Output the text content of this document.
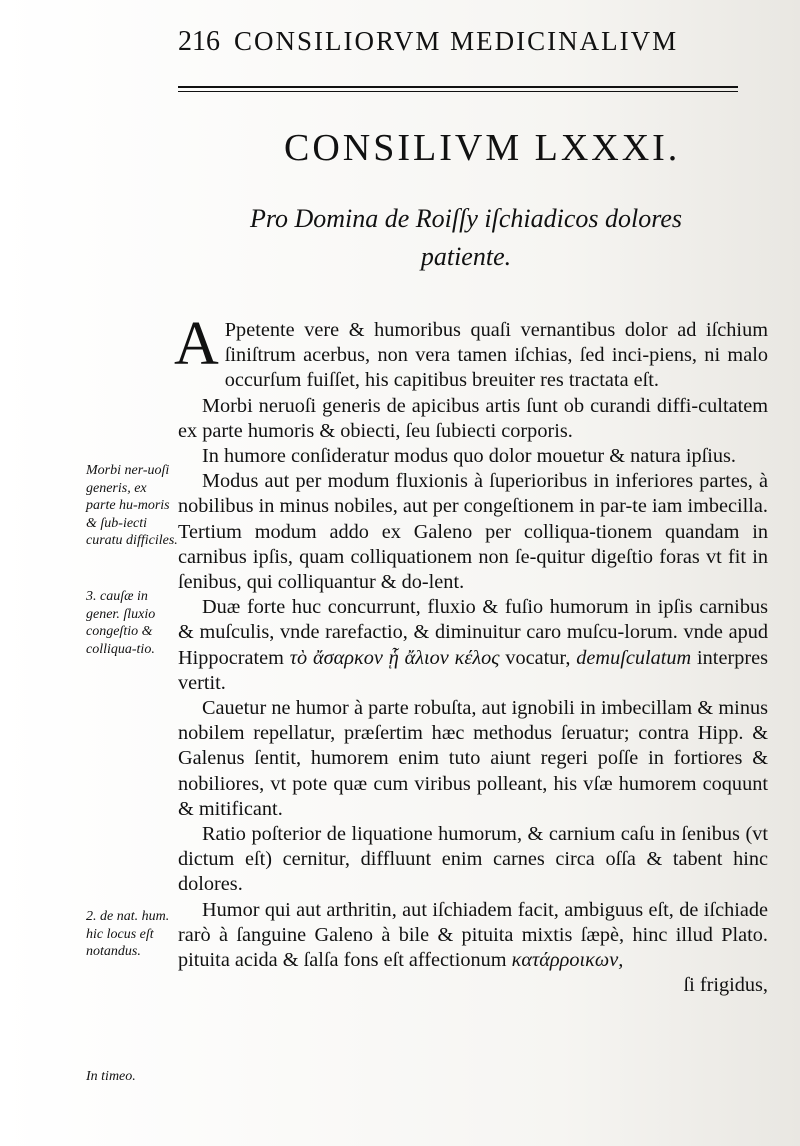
216 CONSILIORVM MEDICINALIVM
CONSILIVM LXXXI.
Pro Domina de Roiſſy iſchiadicos dolores
patiente.
Morbi ner-uoſi generis, ex parte hu-moris & ſub-iecti curatu difficiles.
3. cauſæ in gener. ſluxio congeſtio & colliqua-tio.
2. de nat. hum. hic locus eſt notandus.
In timeo.

A Ppetente vere & humoribus quaſi vernantibus dolor ad iſchium ſiniſtrum acerbus, non vera tamen iſchias, ſed inci-piens, ni malo occurſum fuiſſet, his capitibus breuiter res tractata eſt.

Morbi neruoſi generis de apicibus artis ſunt ob curandi diffi-cultatem ex parte humoris & obiecti, ſeu ſubiecti corporis.

In humore conſideratur modus quo dolor mouetur & natura ipſius.

Modus aut per modum fluxionis à ſuperioribus in inferiores partes, à nobilibus in minus nobiles, aut per congeſtionem in par-te iam imbecilla. Tertium modum addo ex Galeno per colliqua-tionem quandam in carnibus ipſis, quam colliquationem non ſe-quitur digeſtio foras vt fit in ſenibus, qui colliquantur & do-lent.

Duæ forte huc concurrunt, fluxio & fuſio humorum in ipſis carnibus & muſculis, vnde rarefactio, & diminuitur caro muſcu-lorum. vnde apud Hippocratem τὸ ἄσαρκον ᾗ ἄλιον κέλος vocatur, demuſculatum interpres vertit.

Cauetur ne humor à parte robuſta, aut ignobili in imbecillam & minus nobilem repellatur, præſertim hæc methodus ſeruatur; contra Hipp. & Galenus ſentit, humorem enim tuto aiunt regeri poſſe in fortiores & nobiliores, vt pote quæ cum viribus polleant, his vſæ humorem coquunt & mitificant.

Ratio poſterior de liquatione humorum, & carnium caſu in ſenibus (vt dictum eſt) cernitur, diffluunt enim carnes circa oſſa & tabent hinc dolores.

Humor qui aut arthritin, aut iſchiadem facit, ambiguus eſt, de iſchiade rarò à ſanguine Galeno à bile & pituita mixtis ſæpè, hinc illud Plato. pituita acida & ſalſa fons eſt affectionum κατάρροικων,

ſi frigidus,
